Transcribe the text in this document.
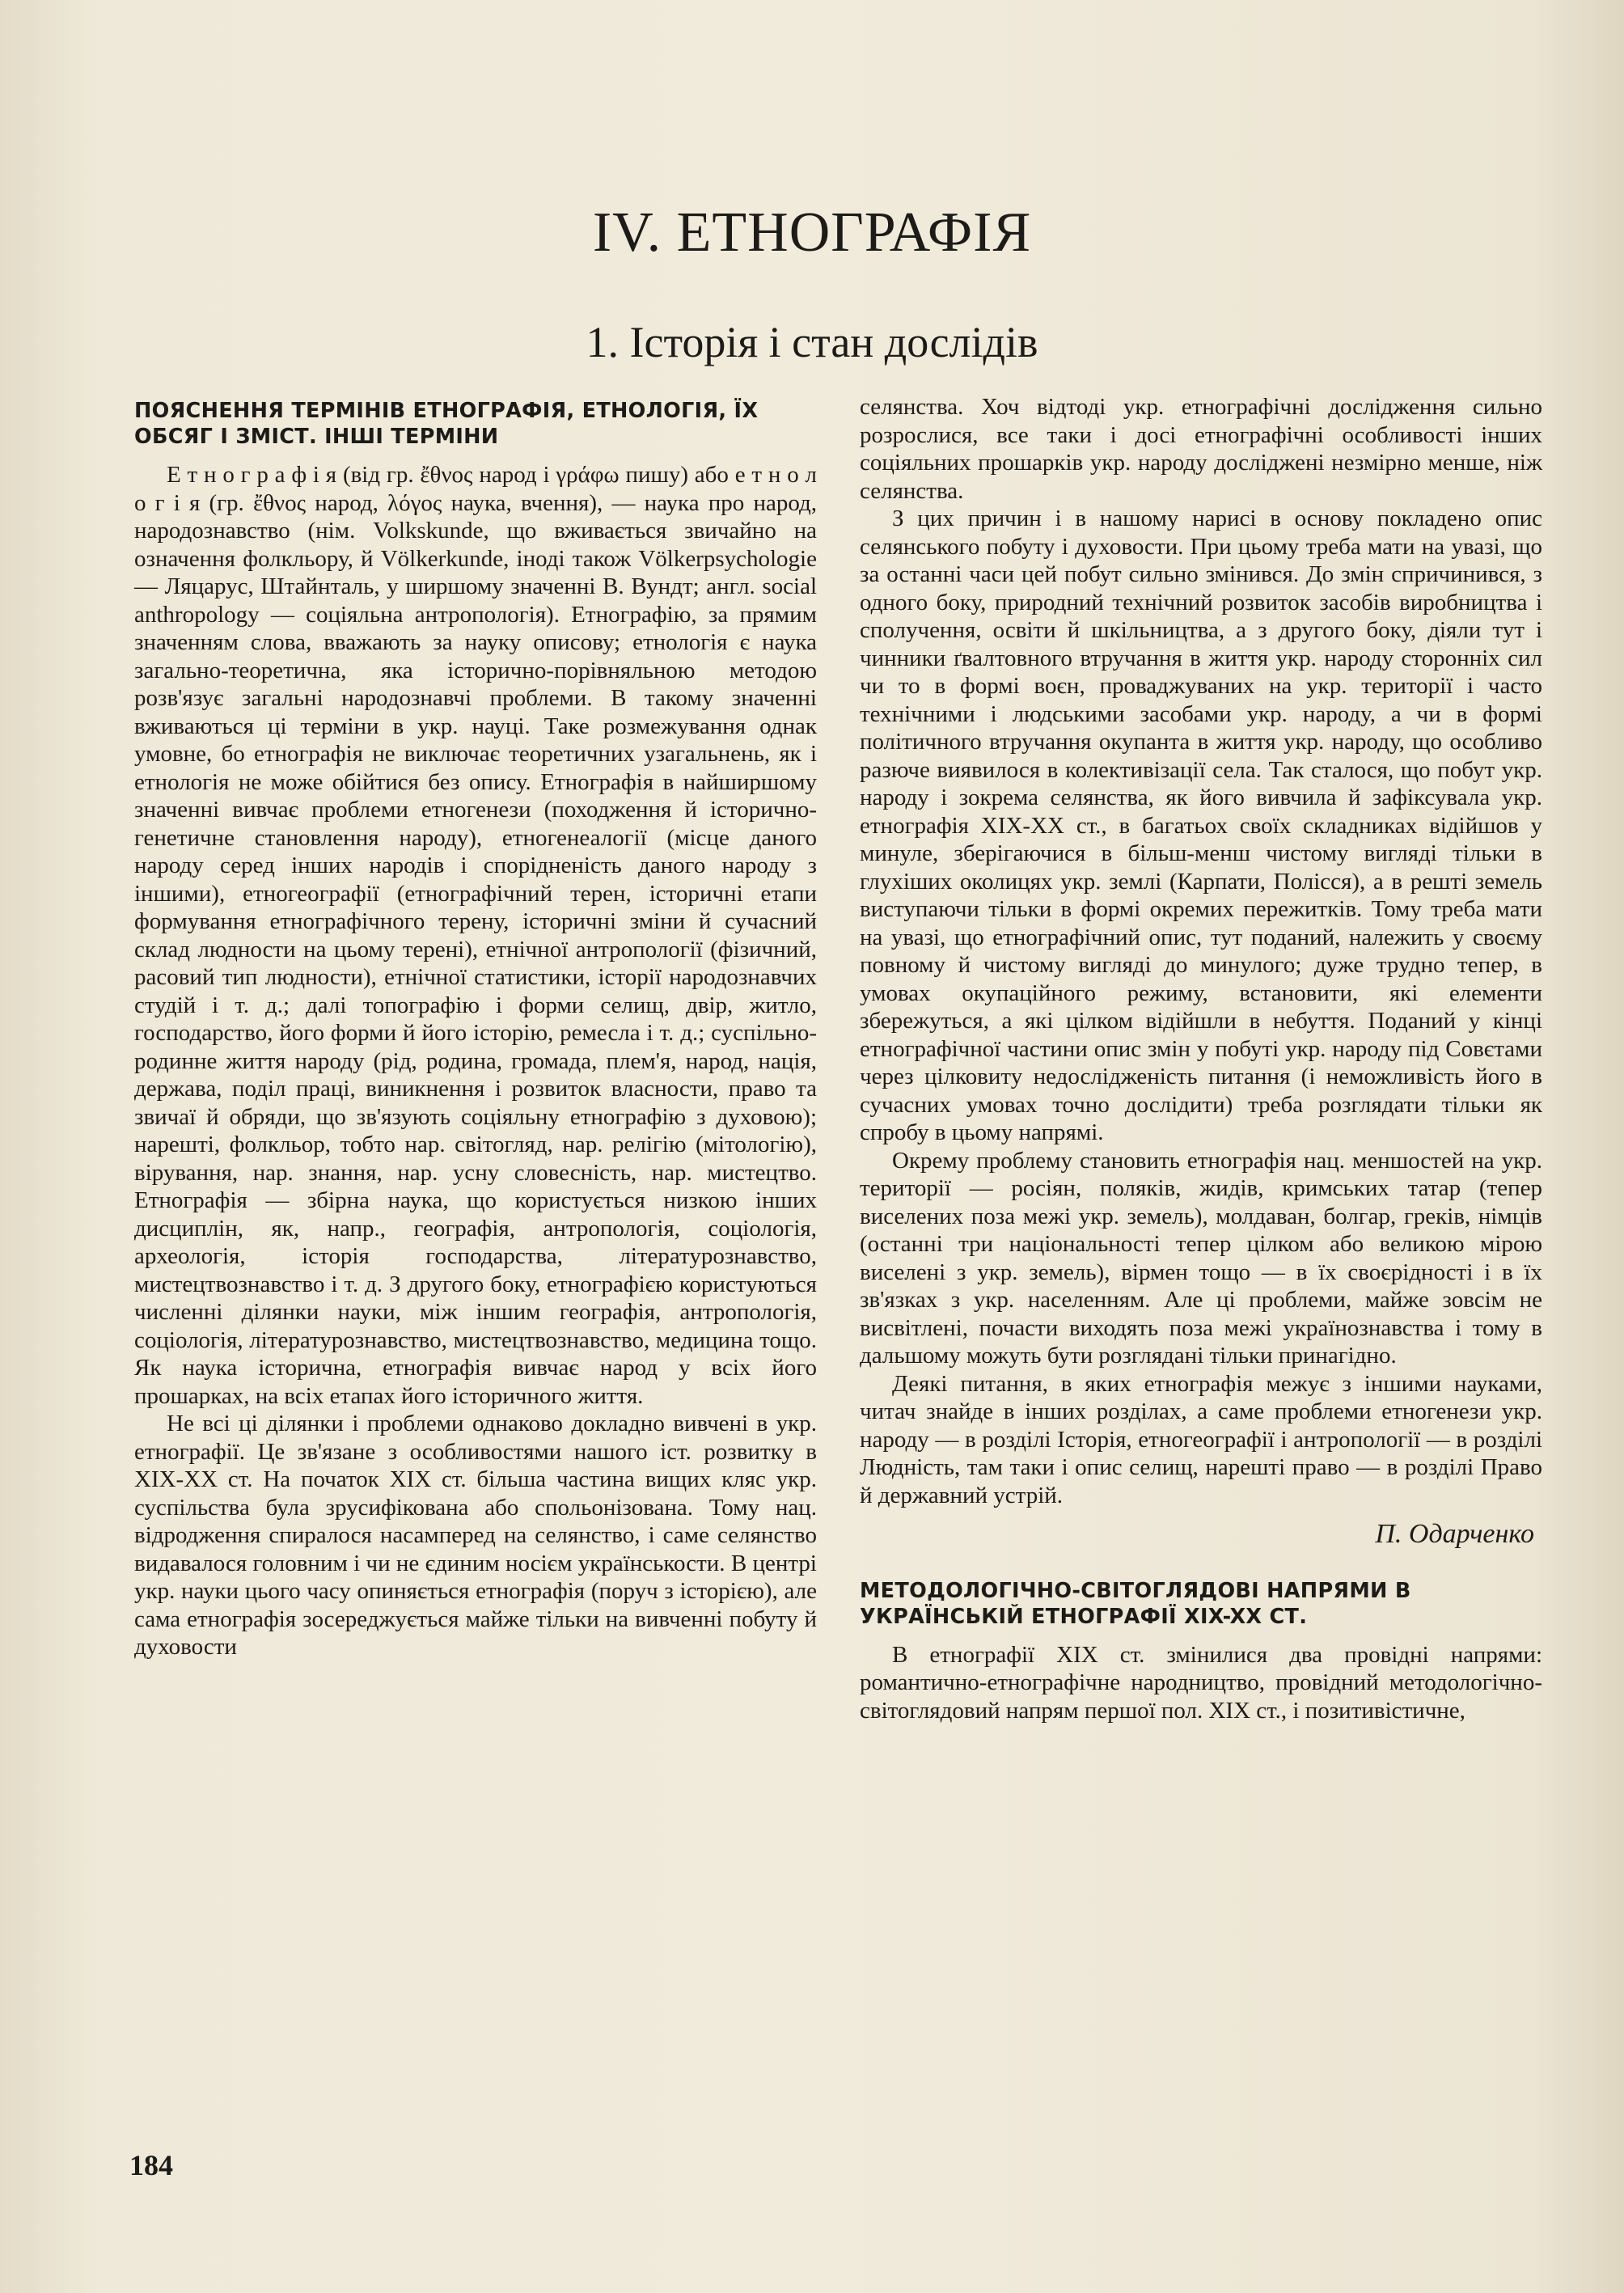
IV. ЕТНОГРАФІЯ
1. Історія і стан дослідів
ПОЯСНЕННЯ ТЕРМІНІВ ЕТНОГРАФІЯ, ЕТНОЛОГІЯ, ЇХ ОБСЯГ І ЗМІСТ. ІНШІ ТЕРМІНИ

Е т н о г р а ф і я (від гр. ἔθνος народ і γράφω пишу) або е т н о л о г і я (гр. ἔθνος народ, λόγος наука, вчення), — наука про народ, народознавство (нім. Volkskunde, що вживається звичайно на означення фолкльору, й Völkerkunde, іноді також Völkerpsychologie — Ляцарус, Штайнталь, у ширшому значенні В. Вундт; англ. social anthropology — соціяльна антропологія). Етнографію, за прямим значенням слова, вважають за науку описову; етнологія є наука загально-теоретична, яка історично-порівняльною методою розв'язує загальні народознавчі проблеми. В такому значенні вживаються ці терміни в укр. науці. Таке розмежування однак умовне, бо етнографія не виключає теоретичних узагальнень, як і етнологія не може обійтися без опису. Етнографія в найширшому значенні вивчає проблеми етногенези (походження й історично-генетичне становлення народу), етногенеалогії (місце даного народу серед інших народів і спорідненість даного народу з іншими), етногеографії (етнографічний терен, історичні етапи формування етнографічного терену, історичні зміни й сучасний склад людности на цьому терені), етнічної антропології (фізичний, расовий тип людности), етнічної статистики, історії народознавчих студій і т. д.; далі топографію і форми селищ, двір, житло, господарство, його форми й його історію, ремесла і т. д.; суспільно-родинне життя народу (рід, родина, громада, плем'я, народ, нація, держава, поділ праці, виникнення і розвиток власности, право та звичаї й обряди, що зв'язують соціяльну етнографію з духовою); нарешті, фолкльор, тобто нар. світогляд, нар. релігію (мітологію), вірування, нар. знання, нар. усну словесність, нар. мистецтво. Етнографія — збірна наука, що користується низкою інших дисциплін, як, напр., географія, антропологія, соціологія, археологія, історія господарства, літературознавство, мистецтвознавство і т. д. З другого боку, етнографією користуються численні ділянки науки, між іншим географія, антропологія, соціологія, літературознавство, мистецтвознавство, медицина тощо. Як наука історична, етнографія вивчає народ у всіх його прошарках, на всіх етапах його історичного життя.

Не всі ці ділянки і проблеми однаково докладно вивчені в укр. етнографії. Це зв'язане з особливостями нашого іст. розвитку в XIX-XX ст. На початок XIX ст. більша частина вищих кляс укр. суспільства була зрусифікована або спольонізована. Тому нац. відродження спиралося насамперед на селянство, і саме селянство видавалося головним і чи не єдиним носієм українськости. В центрі укр. науки цього часу опиняється етнографія (поруч з історією), але сама етнографія зосереджується майже тільки на вивченні побуту й духовости

селянства. Хоч відтоді укр. етнографічні дослідження сильно розрослися, все таки і досі етнографічні особливості інших соціяльних прошарків укр. народу досліджені незмірно менше, ніж селянства.

З цих причин і в нашому нарисі в основу покладено опис селянського побуту і духовости. При цьому треба мати на увазі, що за останні часи цей побут сильно змінився. До змін спричинився, з одного боку, природний технічний розвиток засобів виробництва і сполучення, освіти й шкільництва, а з другого боку, діяли тут і чинники ґвалтовного втручання в життя укр. народу сторонніх сил чи то в формі воєн, проваджуваних на укр. території і часто технічними і людськими засобами укр. народу, а чи в формі політичного втручання окупанта в життя укр. народу, що особливо разюче виявилося в колективізації села. Так сталося, що побут укр. народу і зокрема селянства, як його вивчила й зафіксувала укр. етнографія XIX-XX ст., в багатьох своїх складниках відійшов у минуле, зберігаючися в більш-менш чистому вигляді тільки в глухіших околицях укр. землі (Карпати, Полісся), а в решті земель виступаючи тільки в формі окремих пережитків. Тому треба мати на увазі, що етнографічний опис, тут поданий, належить у своєму повному й чистому вигляді до минулого; дуже трудно тепер, в умовах окупаційного режиму, встановити, які елементи збережуться, а які цілком відійшли в небуття. Поданий у кінці етнографічної частини опис змін у побуті укр. народу під Совєтами через цілковиту недослідженість питання (і неможливість його в сучасних умовах точно дослідити) треба розглядати тільки як спробу в цьому напрямі.

Окрему проблему становить етнографія нац. меншостей на укр. території — росіян, поляків, жидів, кримських татар (тепер виселених поза межі укр. земель), молдаван, болгар, греків, німців (останні три національності тепер цілком або великою мірою виселені з укр. земель), вірмен тощо — в їх своєрідності і в їх зв'язках з укр. населенням. Але ці проблеми, майже зовсім не висвітлені, почасти виходять поза межі українознавства і тому в дальшому можуть бути розглядані тільки принагідно.

Деякі питання, в яких етнографія межує з іншими науками, читач знайде в інших розділах, а саме проблеми етногенези укр. народу — в розділі Історія, етногеографії і антропології — в розділі Людність, там таки і опис селищ, нарешті право — в розділі Право й державний устрій.

П. Одарченко
МЕТОДОЛОГІЧНО-СВІТОГЛЯДОВІ НАПРЯМИ В УКРАЇНСЬКІЙ ЕТНОГРАФІЇ XIX-XX СТ.

В етнографії XIX ст. змінилися два провідні напрями: романтично-етнографічне народництво, провідний методологічно-світоглядовий напрям першої пол. XIX ст., і позитивістичне,

184
